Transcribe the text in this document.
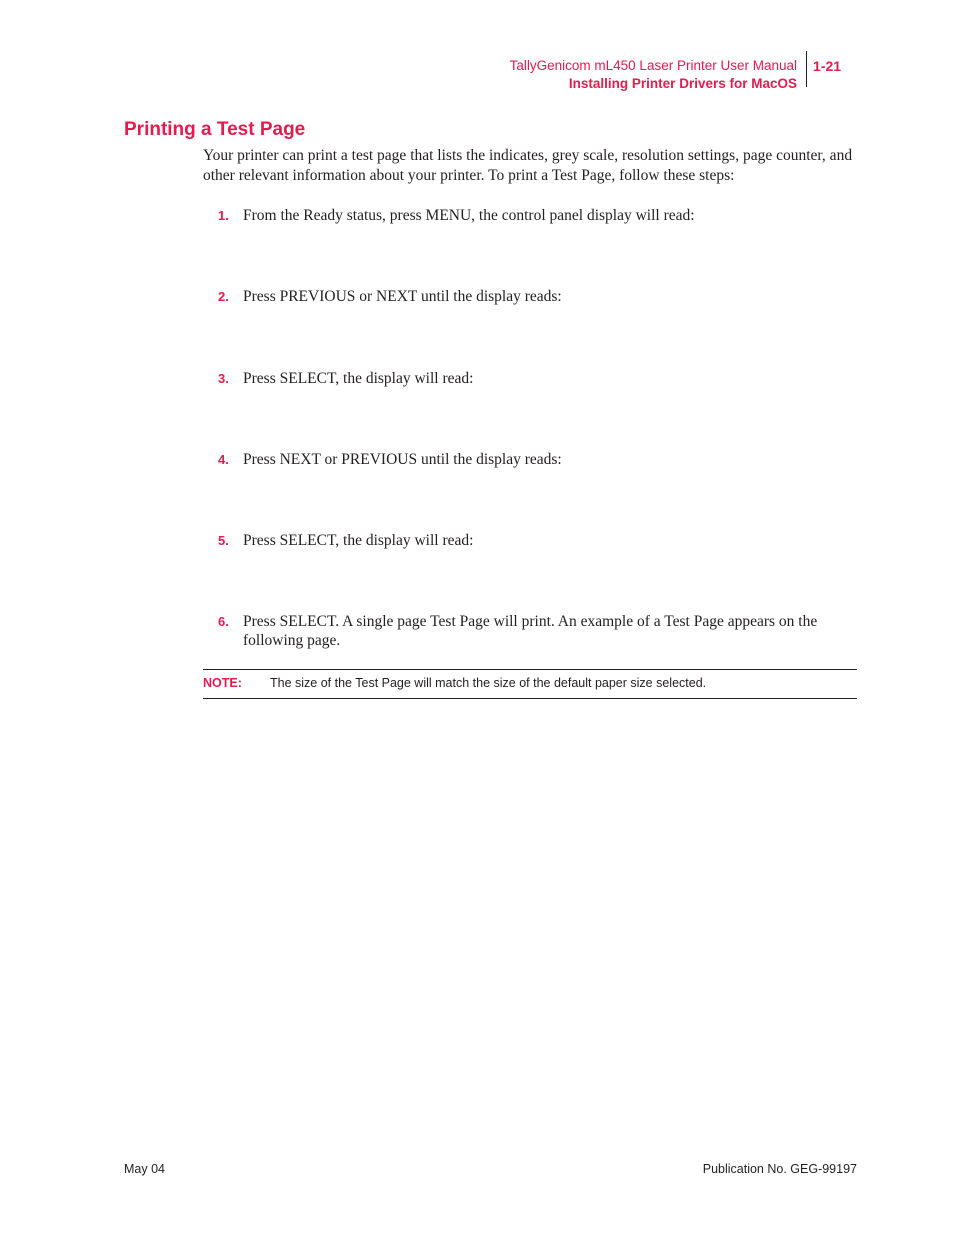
TallyGenicom mL450 Laser Printer User Manual
Installing Printer Drivers for MacOS
1-21
Printing a Test Page

Your printer can print a test page that lists the indicates, grey scale, resolution settings, page counter, and other relevant information about your printer. To print a Test Page, follow these steps:

1. From the Ready status, press MENU, the control panel display will read:
2. Press PREVIOUS or NEXT until the display reads:
3. Press SELECT, the display will read:
4. Press NEXT or PREVIOUS until the display reads:
5. Press SELECT, the display will read:
6. Press SELECT. A single page Test Page will print. An example of a Test Page appears on the following page.
NOTE: The size of the Test Page will match the size of the default paper size selected.
May 04	Publication No. GEG-99197
